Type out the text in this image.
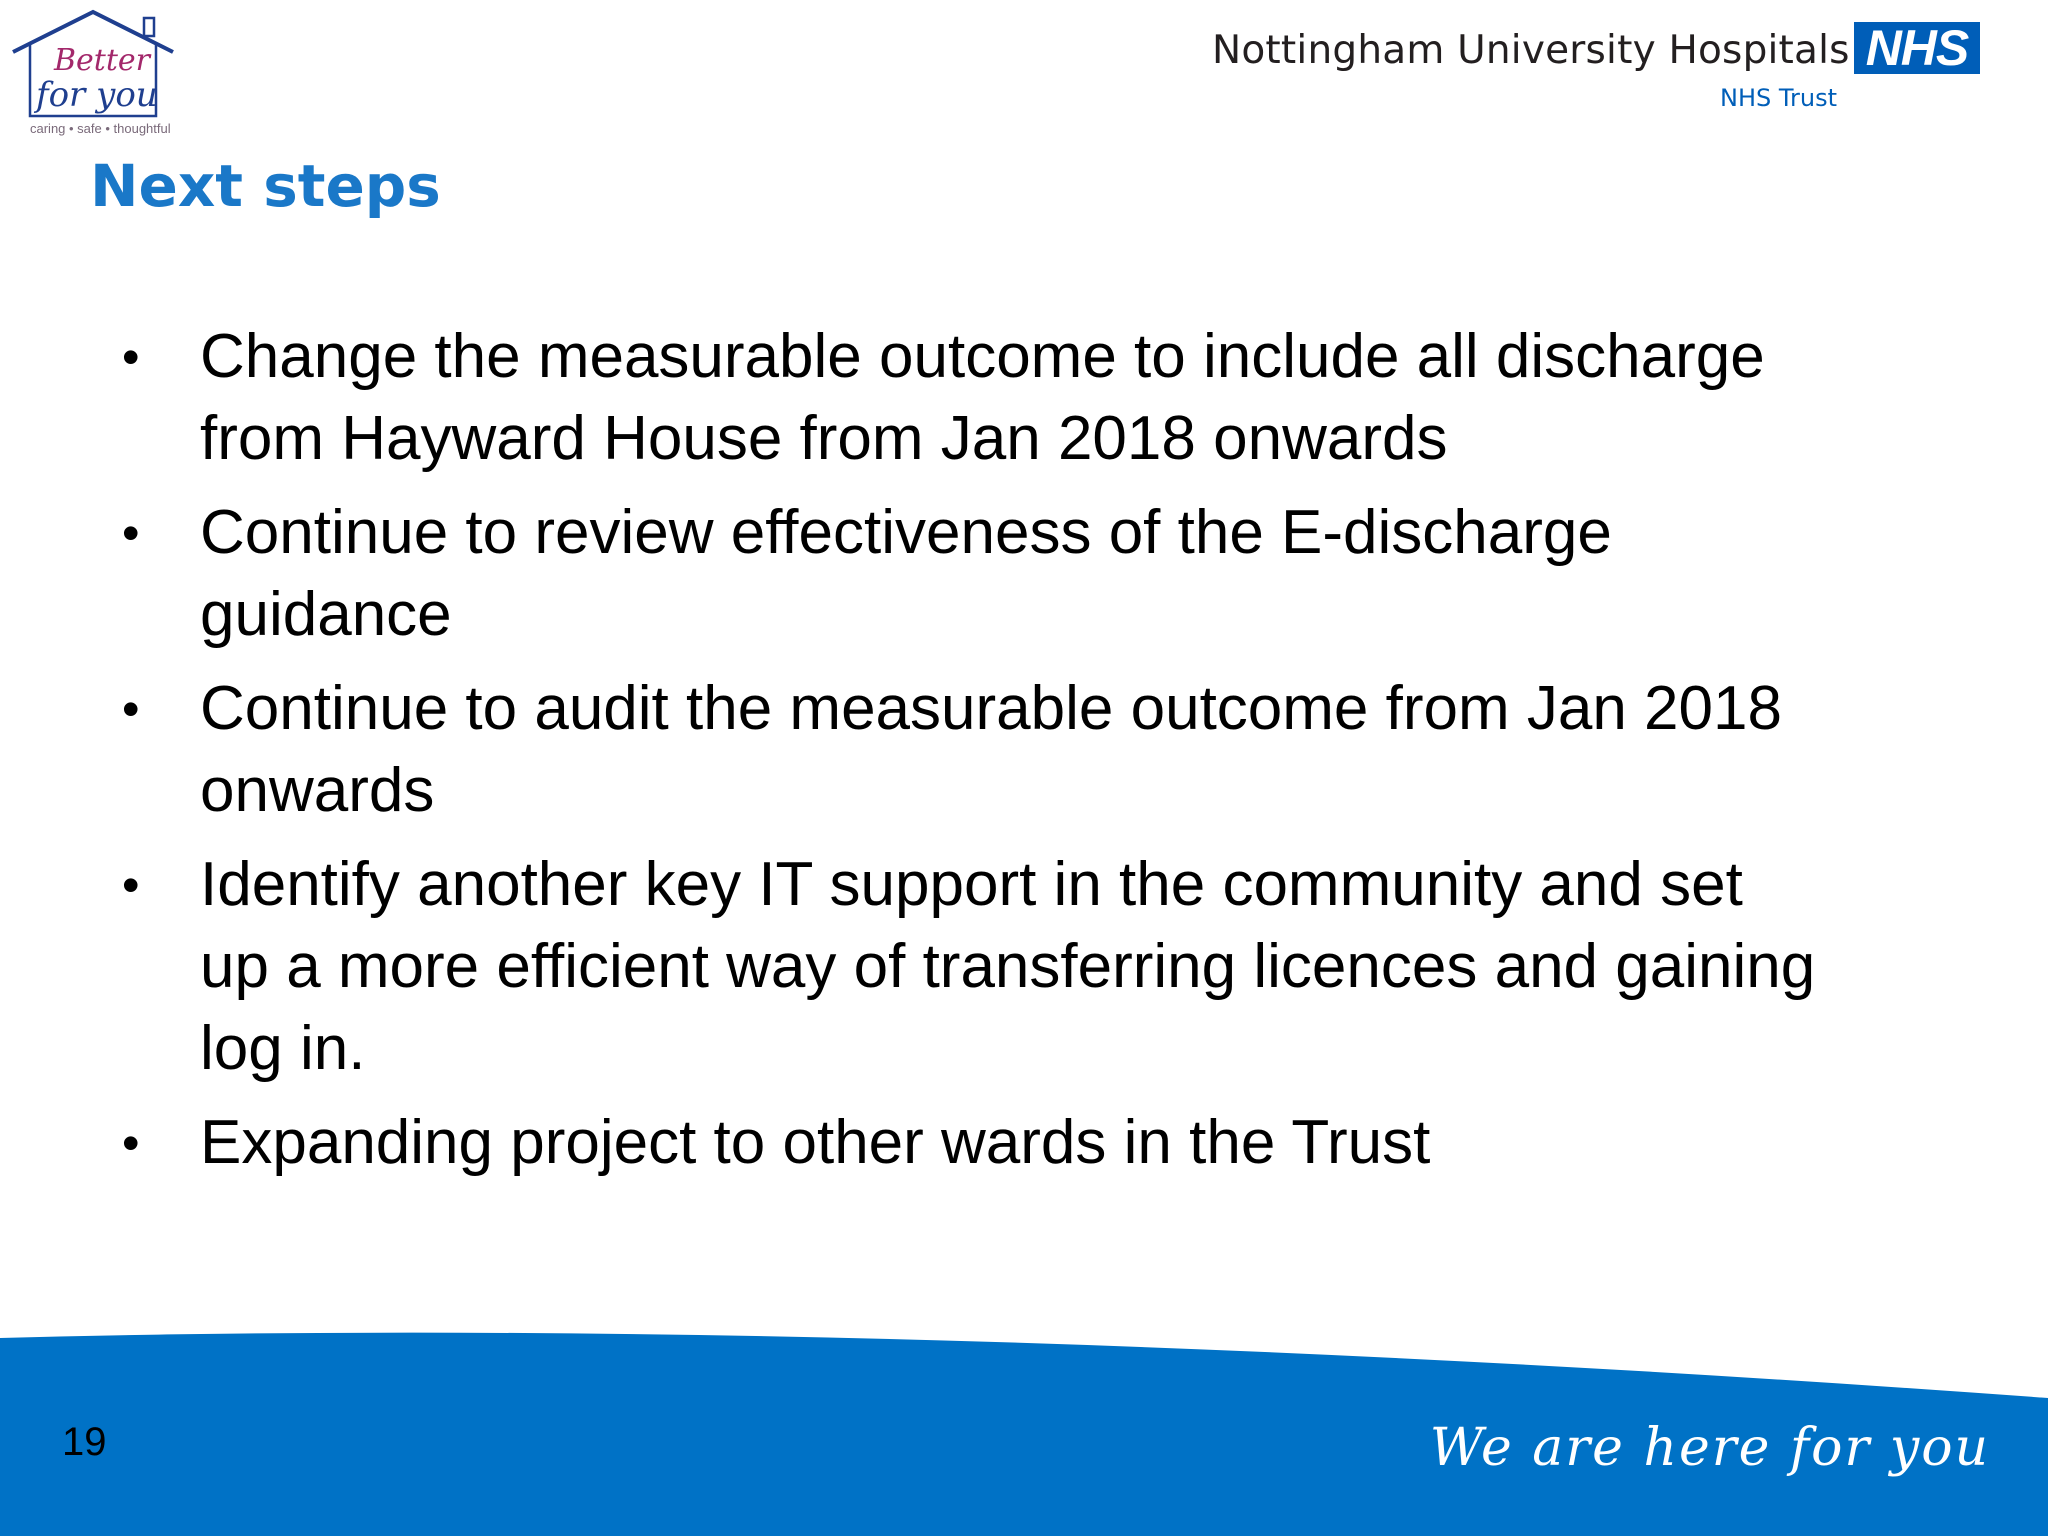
Better
for you
caring • safe • thoughtful
Nottingham University Hospitals
NHS Trust
NHS
Next steps
• Change the measurable outcome to include all discharge from Hayward House from Jan 2018 onwards
• Continue to review effectiveness of the E-discharge guidance
• Continue to audit the measurable outcome from Jan 2018 onwards
• Identify another key IT support in the community and set up a more efficient way of transferring licences and gaining log in.
• Expanding project to other wards in the Trust
19	We are here for you
